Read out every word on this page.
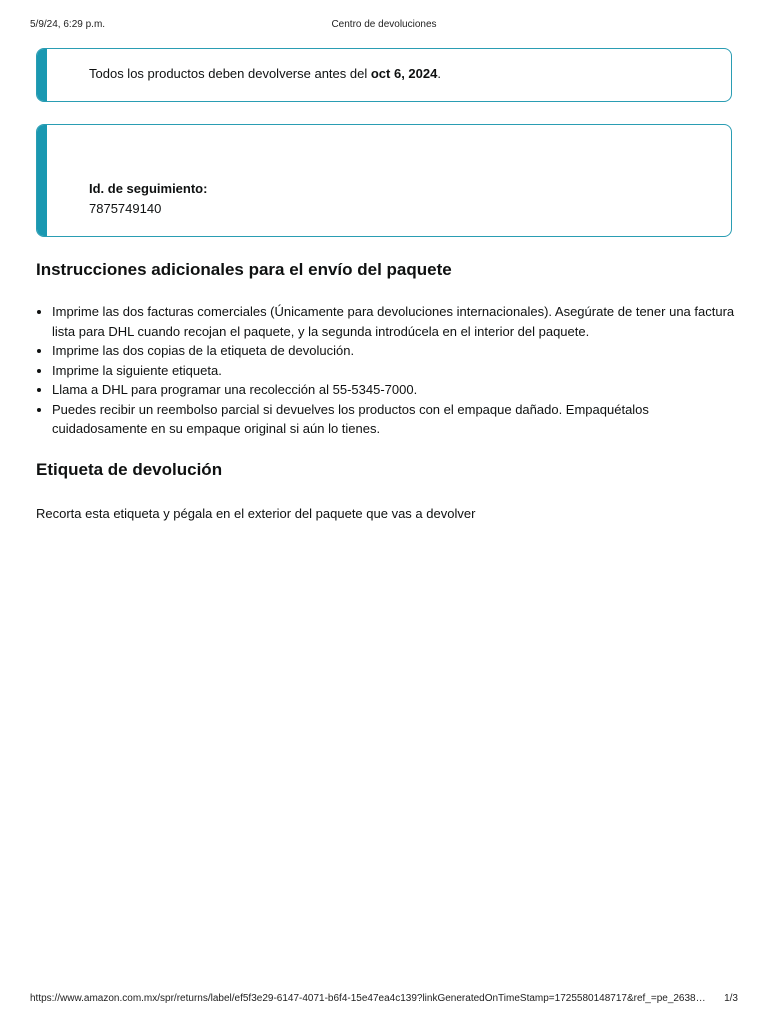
5/9/24, 6:29 p.m.	Centro de devoluciones
Todos los productos deben devolverse antes del oct 6, 2024.
Id. de seguimiento:
7875749140
Instrucciones adicionales para el envío del paquete
• Imprime las dos facturas comerciales (Únicamente para devoluciones internacionales). Asegúrate de tener una factura lista para DHL cuando recojan el paquete, y la segunda introdúcela en el interior del paquete.
• Imprime las dos copias de la etiqueta de devolución.
• Imprime la siguiente etiqueta.
• Llama a DHL para programar una recolección al 55-5345-7000.
• Puedes recibir un reembolso parcial si devuelves los productos con el empaque dañado. Empaquétalos cuidadosamente en su empaque original si aún lo tienes.
Etiqueta de devolución
Recorta esta etiqueta y pégala en el exterior del paquete que vas a devolver
https://www.amazon.com.mx/spr/returns/label/ef5f3e29-6147-4071-b6f4-15e47ea4c139?linkGeneratedOnTimeStamp=1725580148717&ref_=pe_2638… 1/3
